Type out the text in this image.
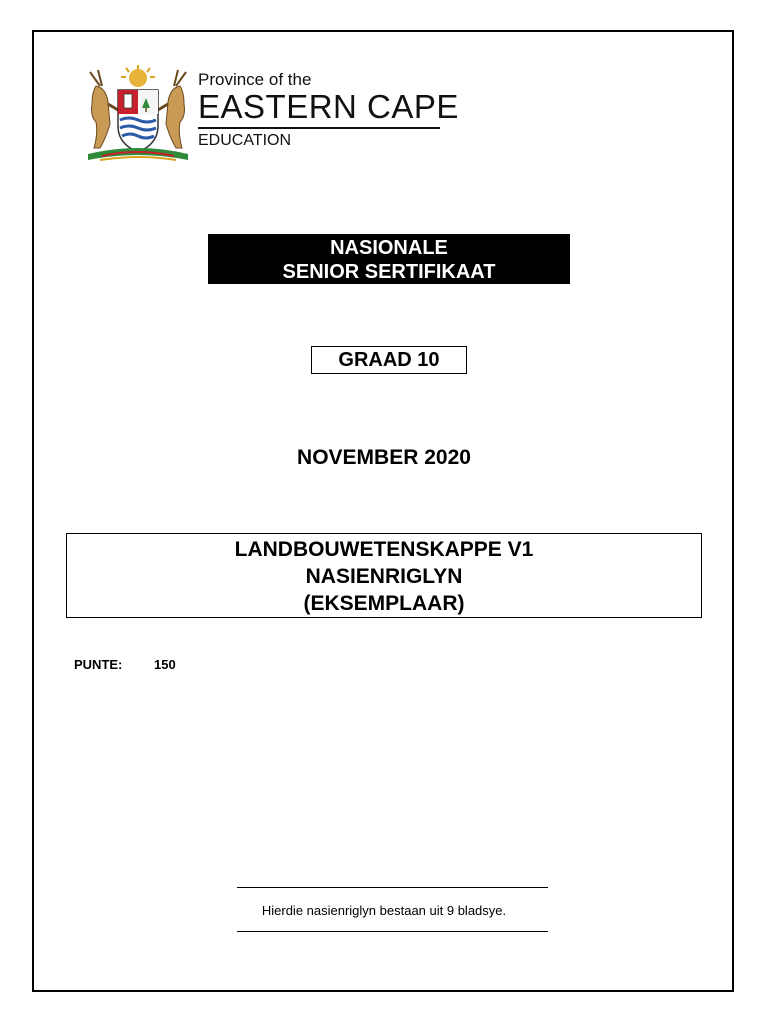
Province of the
EASTERN CAPE
EDUCATION
NASIONALE
SENIOR SERTIFIKAAT
GRAAD 10
NOVEMBER 2020
LANDBOUWETENSKAPPE V1
NASIENRIGLYN
(EKSEMPLAAR)
PUNTE: 150
Hierdie nasienriglyn bestaan uit 9 bladsye.
